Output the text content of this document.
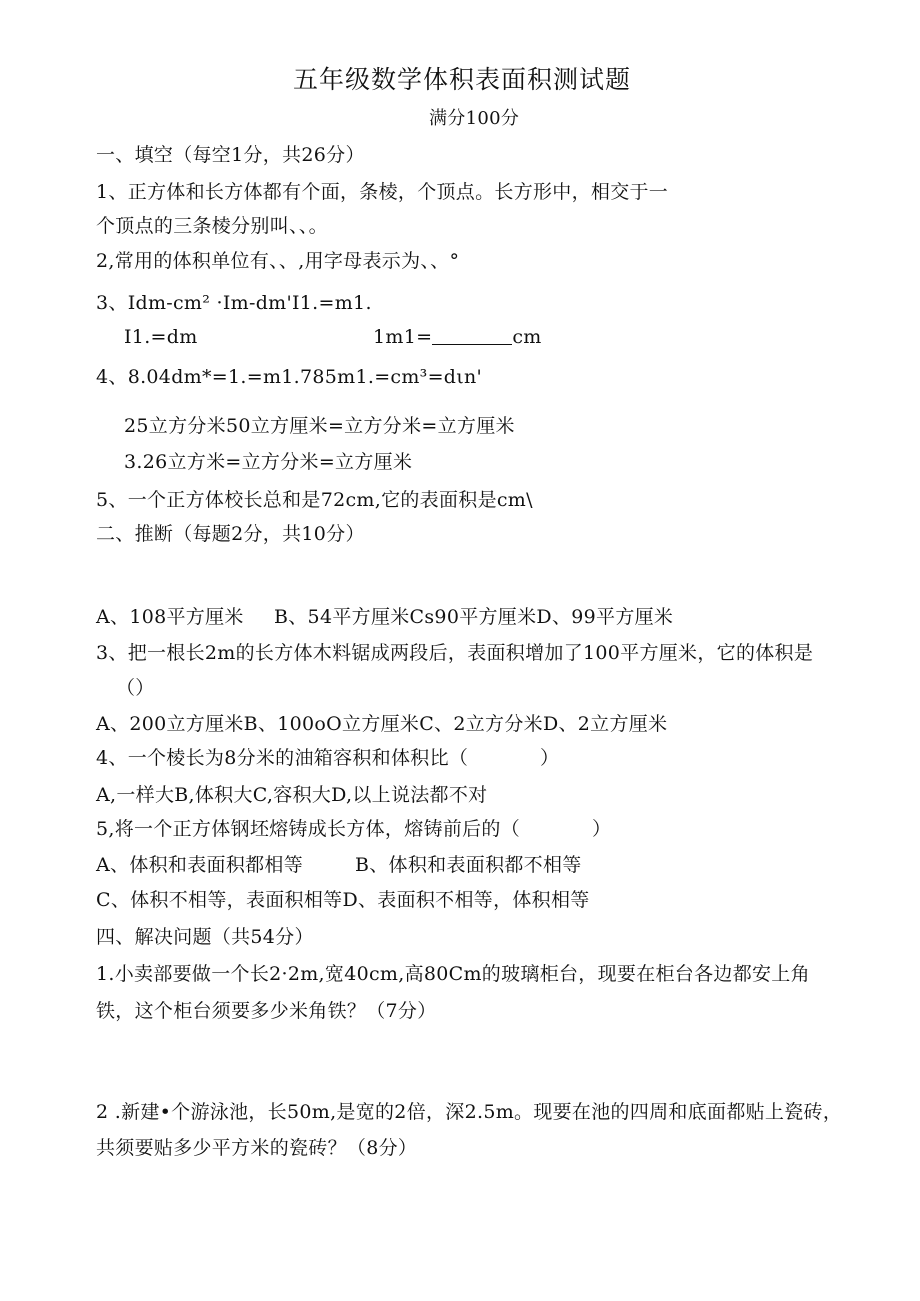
五年级数学体积表面积测试题
满分100分
一、填空（每空1分，共26分）
1、正方体和长方体都有个面，条棱，个顶点。长方形中，相交于一
个顶点的三条棱分别叫、、。
2,常用的体积单位有、、,用字母表示为、、°
3、Idm-cm² ·Im-dm'I1.=m1.
I1.=dm	1m1=	cm
4、8.04dm*=1.=m1.785m1.=cm³=dιn'
25立方分米50立方厘米=立方分米=立方厘米
3.26立方米=立方分米=立方厘米
5、一个正方体校长总和是72cm,它的表面积是cm\
二、推断（每题2分，共10分）
A、108平方厘米 B、54平方厘米Cs90平方厘米D、99平方厘米
3、把一根长2m的长方体木料锯成两段后，表面积增加了100平方厘米，它的体积是
（）
A、200立方厘米B、100oO立方厘米C、2立方分米D、2立方厘米
4、一个棱长为8分米的油箱容积和体积比（	）
A,一样大B,体积大C,容积大D,以上说法都不对
5,将一个正方体钢坯熔铸成长方体，熔铸前后的（	）
A、体积和表面积都相等	B、体积和表面积都不相等
C、体积不相等，表面积相等D、表面积不相等，体积相等
四、解决问题（共54分）
1.小卖部要做一个长2·2m,宽40cm,高80Cm的玻璃柜台，现要在柜台各边都安上角
铁，这个柜台须要多少米角铁？（7分）
2 .新建•个游泳池，长50m,是宽的2倍，深2.5m。现要在池的四周和底面都贴上瓷砖，
共须要贴多少平方米的瓷砖？（8分）
